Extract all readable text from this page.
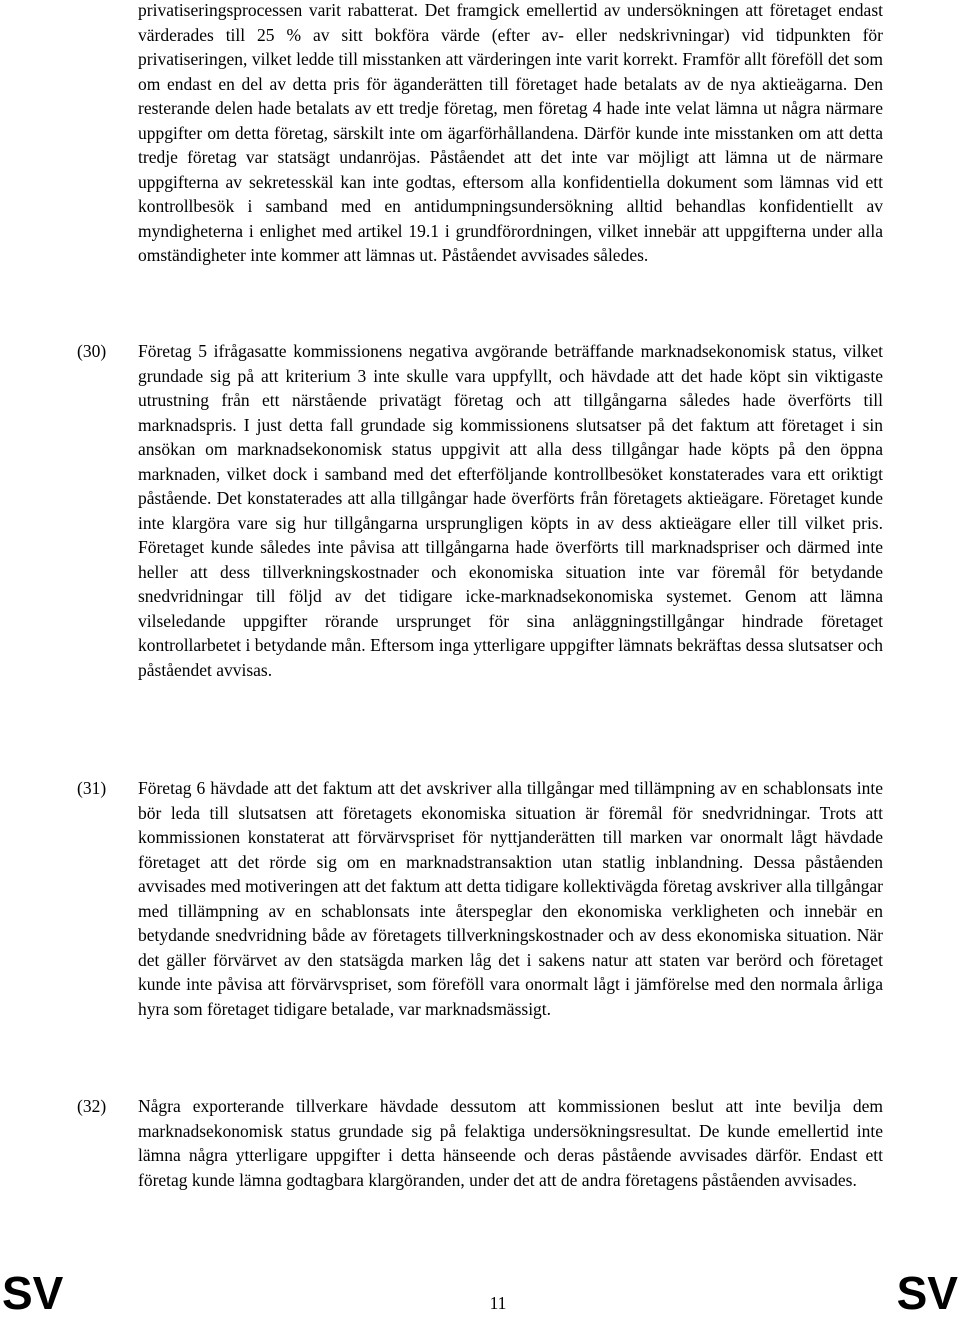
privatiseringsprocessen varit rabatterat. Det framgick emellertid av undersökningen att företaget endast värderades till 25 % av sitt bokföra värde (efter av- eller nedskrivningar) vid tidpunkten för privatiseringen, vilket ledde till misstanken att värderingen inte varit korrekt. Framför allt föreföll det som om endast en del av detta pris för äganderätten till företaget hade betalats av de nya aktieägarna. Den resterande delen hade betalats av ett tredje företag, men företag 4 hade inte velat lämna ut några närmare uppgifter om detta företag, särskilt inte om ägarförhållandena. Därför kunde inte misstanken om att detta tredje företag var statsägt undanröjas. Påståendet att det inte var möjligt att lämna ut de närmare uppgifterna av sekretesskäl kan inte godtas, eftersom alla konfidentiella dokument som lämnas vid ett kontrollbesök i samband med en antidumpningsundersökning alltid behandlas konfidentiellt av myndigheterna i enlighet med artikel 19.1 i grundförordningen, vilket innebär att uppgifterna under alla omständigheter inte kommer att lämnas ut. Påståendet avvisades således.

(30) Företag 5 ifrågasatte kommissionens negativa avgörande beträffande marknadsekonomisk status, vilket grundade sig på att kriterium 3 inte skulle vara uppfyllt, och hävdade att det hade köpt sin viktigaste utrustning från ett närstående privatägt företag och att tillgångarna således hade överförts till marknadspris. I just detta fall grundade sig kommissionens slutsatser på det faktum att företaget i sin ansökan om marknadsekonomisk status uppgivit att alla dess tillgångar hade köpts på den öppna marknaden, vilket dock i samband med det efterföljande kontrollbesöket konstaterades vara ett oriktigt påstående. Det konstaterades att alla tillgångar hade överförts från företagets aktieägare. Företaget kunde inte klargöra vare sig hur tillgångarna ursprungligen köpts in av dess aktieägare eller till vilket pris. Företaget kunde således inte påvisa att tillgångarna hade överförts till marknadspriser och därmed inte heller att dess tillverkningskostnader och ekonomiska situation inte var föremål för betydande snedvridningar till följd av det tidigare icke-marknadsekonomiska systemet. Genom att lämna vilseledande uppgifter rörande ursprunget för sina anläggningstillgångar hindrade företaget kontrollarbetet i betydande mån. Eftersom inga ytterligare uppgifter lämnats bekräftas dessa slutsatser och påståendet avvisas.

(31) Företag 6 hävdade att det faktum att det avskriver alla tillgångar med tillämpning av en schablonsats inte bör leda till slutsatsen att företagets ekonomiska situation är föremål för snedvridningar. Trots att kommissionen konstaterat att förvärvspriset för nyttjanderätten till marken var onormalt lågt hävdade företaget att det rörde sig om en marknadstransaktion utan statlig inblandning. Dessa påståenden avvisades med motiveringen att det faktum att detta tidigare kollektivägda företag avskriver alla tillgångar med tillämpning av en schablonsats inte återspeglar den ekonomiska verkligheten och innebär en betydande snedvridning både av företagets tillverkningskostnader och av dess ekonomiska situation. När det gäller förvärvet av den statsägda marken låg det i sakens natur att staten var berörd och företaget kunde inte påvisa att förvärvspriset, som föreföll vara onormalt lågt i jämförelse med den normala årliga hyra som företaget tidigare betalade, var marknadsmässigt.

(32) Några exporterande tillverkare hävdade dessutom att kommissionen beslut att inte bevilja dem marknadsekonomisk status grundade sig på felaktiga undersökningsresultat. De kunde emellertid inte lämna några ytterligare uppgifter i detta hänseende och deras påstående avvisades därför. Endast ett företag kunde lämna godtagbara klargöranden, under det att de andra företagens påståenden avvisades.

SV	11	SV
